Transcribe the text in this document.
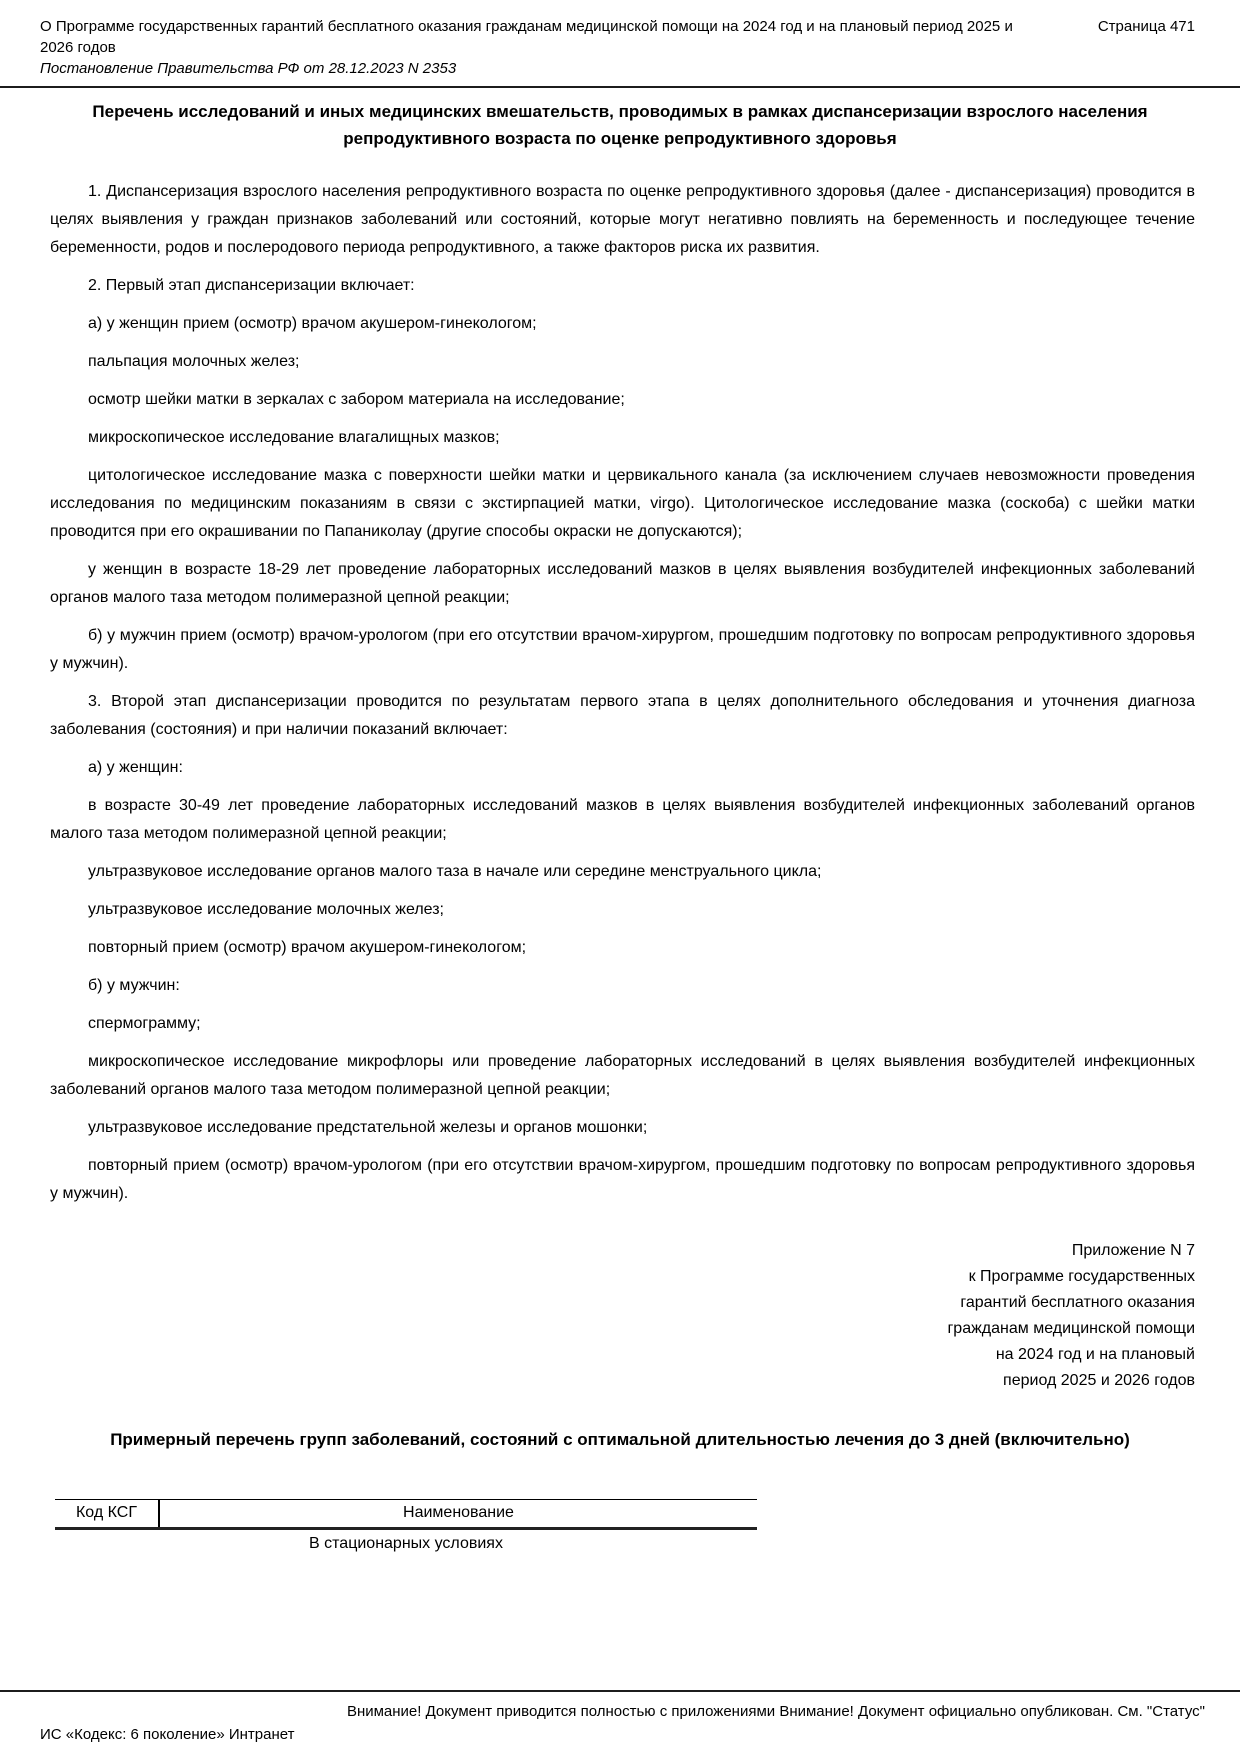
О Программе государственных гарантий бесплатного оказания гражданам медицинской помощи на 2024 год и на плановый период 2025 и 2026 годов
Постановление Правительства РФ от 28.12.2023 N 2353
Страница 471
Перечень исследований и иных медицинских вмешательств, проводимых в рамках диспансеризации взрослого населения репродуктивного возраста по оценке репродуктивного здоровья

1. Диспансеризация взрослого населения репродуктивного возраста по оценке репродуктивного здоровья (далее - диспансеризация) проводится в целях выявления у граждан признаков заболеваний или состояний, которые могут негативно повлиять на беременность и последующее течение беременности, родов и послеродового периода репродуктивного, а также факторов риска их развития.

2. Первый этап диспансеризации включает:

а) у женщин прием (осмотр) врачом акушером-гинекологом;

пальпация молочных желез;

осмотр шейки матки в зеркалах с забором материала на исследование;

микроскопическое исследование влагалищных мазков;

цитологическое исследование мазка с поверхности шейки матки и цервикального канала (за исключением случаев невозможности проведения исследования по медицинским показаниям в связи с экстирпацией матки, virgo). Цитологическое исследование мазка (соскоба) с шейки матки проводится при его окрашивании по Папаниколау (другие способы окраски не допускаются);

у женщин в возрасте 18-29 лет проведение лабораторных исследований мазков в целях выявления возбудителей инфекционных заболеваний органов малого таза методом полимеразной цепной реакции;

б) у мужчин прием (осмотр) врачом-урологом (при его отсутствии врачом-хирургом, прошедшим подготовку по вопросам репродуктивного здоровья у мужчин).

3. Второй этап диспансеризации проводится по результатам первого этапа в целях дополнительного обследования и уточнения диагноза заболевания (состояния) и при наличии показаний включает:

а) у женщин:

в возрасте 30-49 лет проведение лабораторных исследований мазков в целях выявления возбудителей инфекционных заболеваний органов малого таза методом полимеразной цепной реакции;

ультразвуковое исследование органов малого таза в начале или середине менструального цикла;

ультразвуковое исследование молочных желез;

повторный прием (осмотр) врачом акушером-гинекологом;

б) у мужчин:

спермограмму;

микроскопическое исследование микрофлоры или проведение лабораторных исследований в целях выявления возбудителей инфекционных заболеваний органов малого таза методом полимеразной цепной реакции;

ультразвуковое исследование предстательной железы и органов мошонки;

повторный прием (осмотр) врачом-урологом (при его отсутствии врачом-хирургом, прошедшим подготовку по вопросам репродуктивного здоровья у мужчин).

Приложение N 7
к Программе государственных
гарантий бесплатного оказания
гражданам медицинской помощи
на 2024 год и на плановый
период 2025 и 2026 годов
Примерный перечень групп заболеваний, состояний с оптимальной длительностью лечения до 3 дней (включительно)
Код КСГ	Наименование
В стационарных условиях
Внимание! Документ приводится полностью с приложениями Внимание! Документ официально опубликован. См. "Статус"
ИС «Кодекс: 6 поколение» Интранет
